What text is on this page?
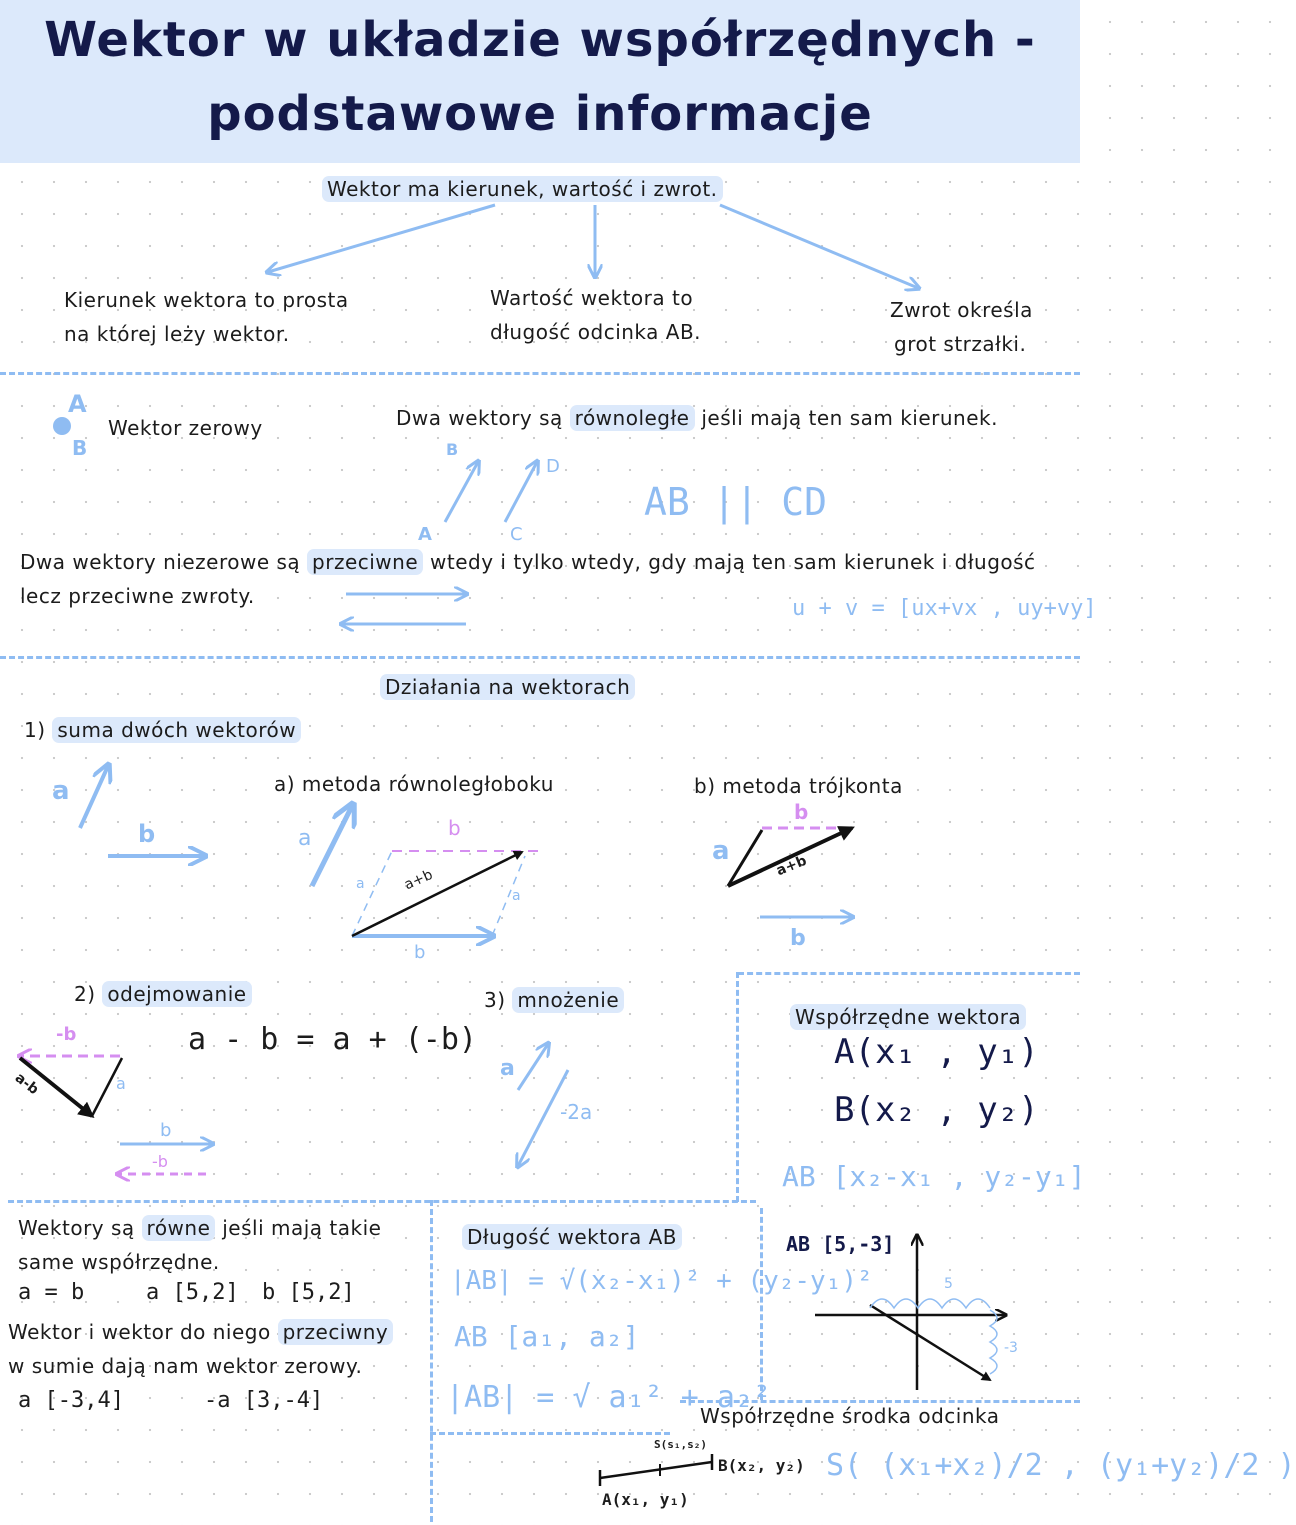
Wektor w układzie współrzędnych -
podstawowe informacje
Wektor ma kierunek, wartość i zwrot.
Kierunek wektora to prosta
na której leży wektor.
Wartość wektora to
długość odcinka AB.
Zwrot określa
grot strzałki.
A
B
Wektor zerowy	Dwa wektory są równoległe jeśli mają ten sam kierunek.
B
D
A	C
AB || CD
Dwa wektory niezerowe są przeciwne wtedy i tylko wtedy, gdy mają ten sam kierunek i długość
lecz przeciwne zwroty.	u + v = [ux+vx , uy+vy]
Działania na wektorach
1) suma dwóch wektorów
a
b
a) metoda równoległoboku
a	b
a+b
a
a
b
b) metoda trójkonta
b
a	a+b
b
2) odejmowanie
a - b = a + (-b)
-b
a-b	a
b
-b
3) mnożenie
a
-2a
Współrzędne wektora
A(x₁ , y₁)
B(x₂ , y₂)
AB [x₂-x₁ , y₂-y₁]
AB [5,-3]
5
-3
Wektory są równe jeśli mają takie
same współrzędne.
a = b	a [5,2] b [5,2]
Wektor i wektor do niego przeciwny
w sumie dają nam wektor zerowy.
a [-3,4]	-a [3,-4]
Długość wektora AB
|AB| = √(x₂-x₁)² + (y₂-y₁)²
AB [a₁, a₂]
|AB| = √ a₁² + a₂²
Współrzędne środka odcinka
S(s₁,s₂)
B(x₂, y₂)
A(x₁, y₁)
S( (x₁+x₂)/2 , (y₁+y₂)/2 )
